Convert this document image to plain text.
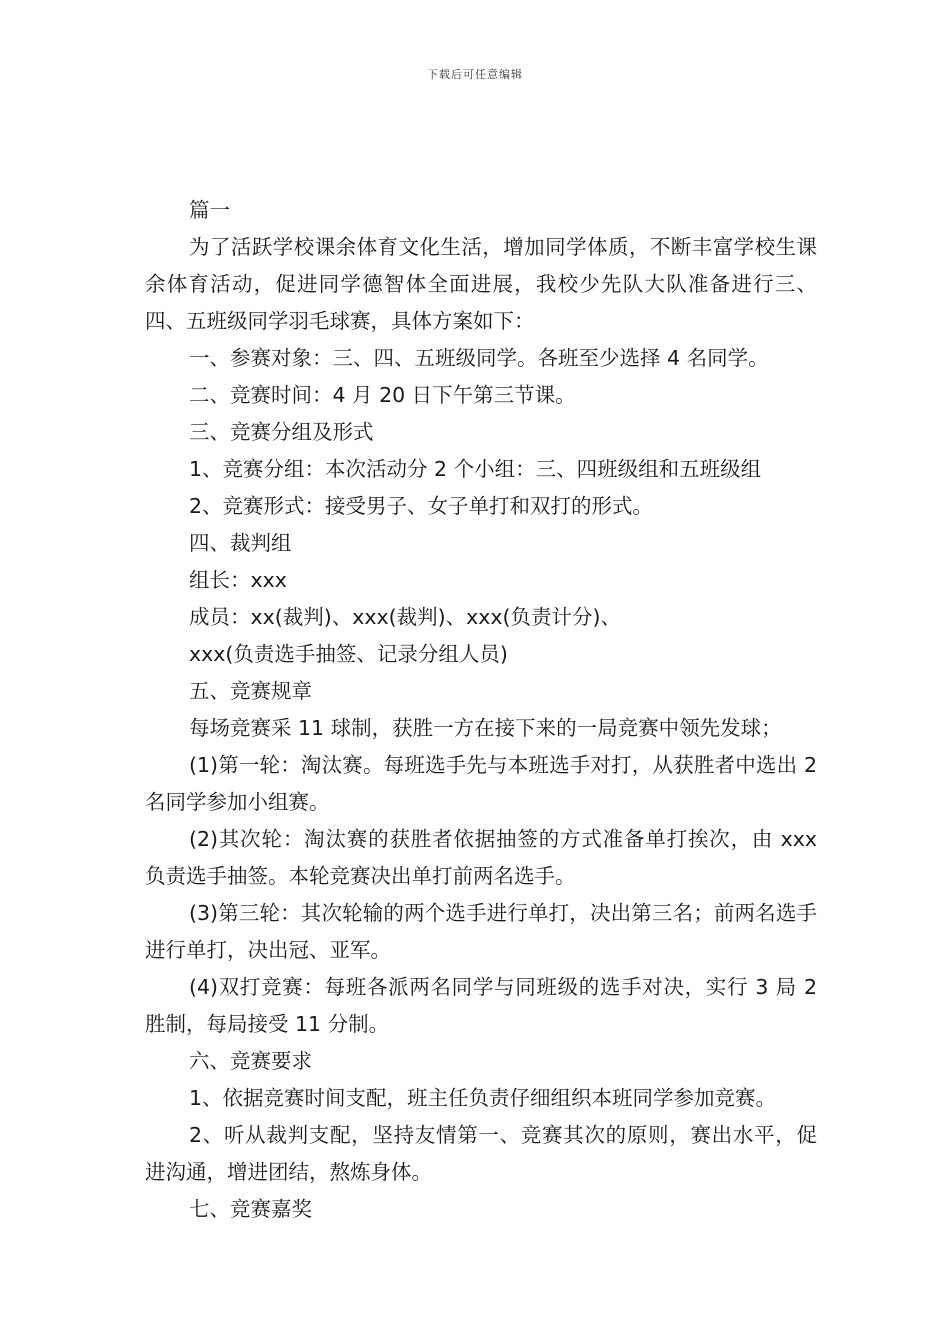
下载后可任意编辑

篇一

为了活跃学校课余体育文化生活，增加同学体质，不断丰富学校生课余体育活动，促进同学德智体全面进展，我校少先队大队准备进行三、四、五班级同学羽毛球赛，具体方案如下：

一、参赛对象：三、四、五班级同学。各班至少选择 4 名同学。

二、竞赛时间：4 月 20 日下午第三节课。

三、竞赛分组及形式

1、竞赛分组：本次活动分 2 个小组：三、四班级组和五班级组

2、竞赛形式：接受男子、女子单打和双打的形式。

四、裁判组

组长：xxx

成员：xx(裁判)、xxx(裁判)、xxx(负责计分)、

xxx(负责选手抽签、记录分组人员)

五、竞赛规章

每场竞赛采 11 球制，获胜一方在接下来的一局竞赛中领先发球；

(1)第一轮：淘汰赛。每班选手先与本班选手对打，从获胜者中选出 2 名同学参加小组赛。

(2)其次轮：淘汰赛的获胜者依据抽签的方式准备单打挨次，由 xxx 负责选手抽签。本轮竞赛决出单打前两名选手。

(3)第三轮：其次轮输的两个选手进行单打，决出第三名；前两名选手进行单打，决出冠、亚军。

(4)双打竞赛：每班各派两名同学与同班级的选手对决，实行 3 局 2 胜制，每局接受 11 分制。

六、竞赛要求

1、依据竞赛时间支配，班主任负责仔细组织本班同学参加竞赛。

2、听从裁判支配，坚持友情第一、竞赛其次的原则，赛出水平，促进沟通，增进团结，熬炼身体。

七、竞赛嘉奖
